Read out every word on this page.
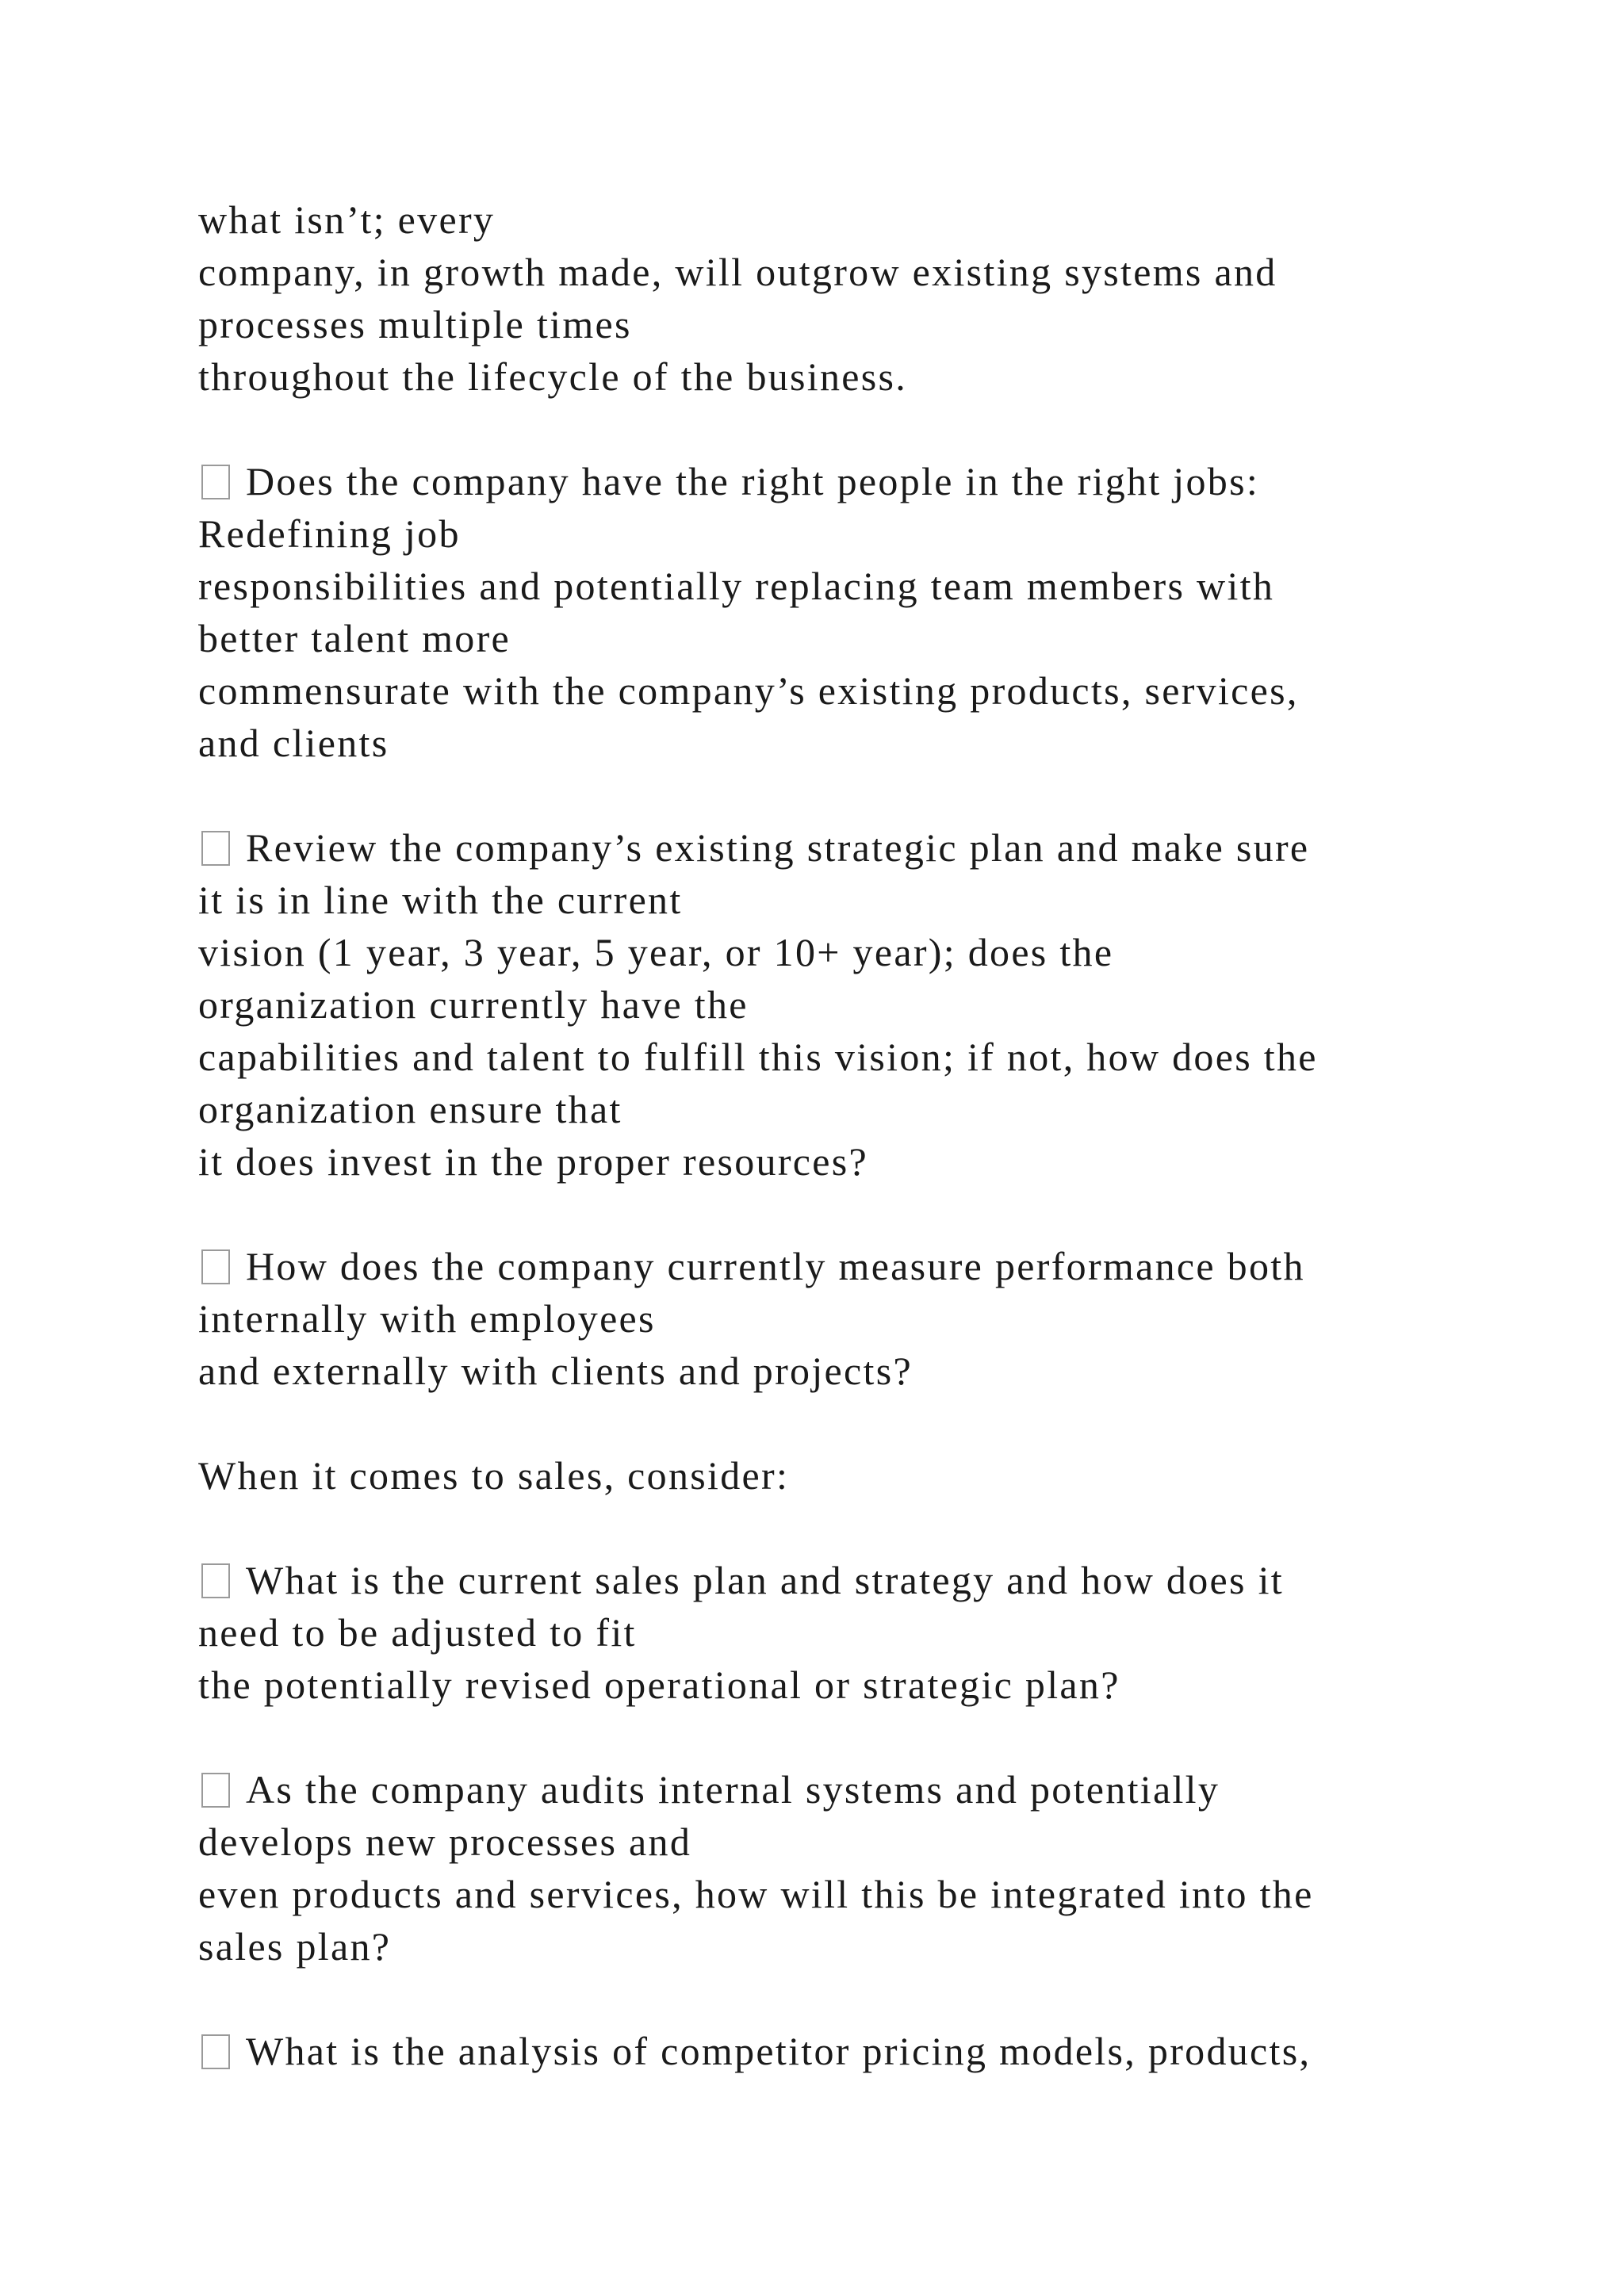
what isn’t; every
company, in growth made, will outgrow existing systems and
processes multiple times
throughout the lifecycle of the business.
Does the company have the right people in the right jobs:
Redefining job
responsibilities and potentially replacing team members with
better talent more
commensurate with the company’s existing products, services,
and clients
Review the company’s existing strategic plan and make sure
it is in line with the current
vision (1 year, 3 year, 5 year, or 10+ year); does the
organization currently have the
capabilities and talent to fulfill this vision; if not, how does the
organization ensure that
it does invest in the proper resources?
How does the company currently measure performance both
internally with employees
and externally with clients and projects?
When it comes to sales, consider:
What is the current sales plan and strategy and how does it
need to be adjusted to fit
the potentially revised operational or strategic plan?
As the company audits internal systems and potentially
develops new processes and
even products and services, how will this be integrated into the
sales plan?
What is the analysis of competitor pricing models, products,
